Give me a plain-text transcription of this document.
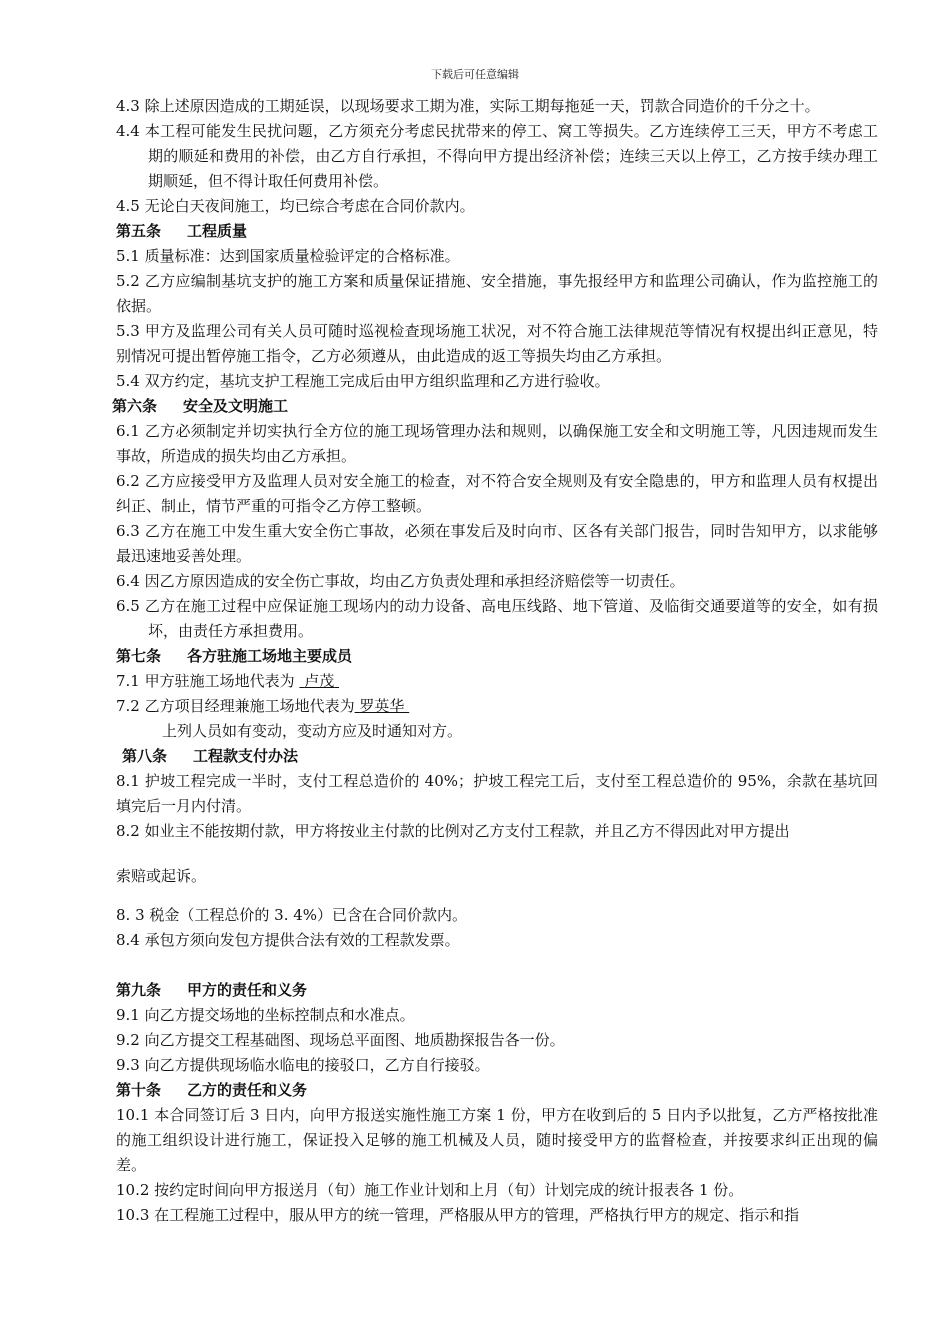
下载后可任意编辑

4.3 除上述原因造成的工期延误，以现场要求工期为准，实际工期每拖延一天，罚款合同造价的千分之十。

4.4 本工程可能发生民扰问题，乙方须充分考虑民扰带来的停工、窝工等损失。乙方连续停工三天，甲方不考虑工期的顺延和费用的补偿，由乙方自行承担，不得向甲方提出经济补偿；连续三天以上停工，乙方按手续办理工期顺延，但不得计取任何费用补偿。

4.5 无论白天夜间施工，均已综合考虑在合同价款内。

第五条 工程质量

5.1 质量标准：达到国家质量检验评定的合格标准。

5.2 乙方应编制基坑支护的施工方案和质量保证措施、安全措施，事先报经甲方和监理公司确认，作为监控施工的依据。

5.3 甲方及监理公司有关人员可随时巡视检查现场施工状况，对不符合施工法律规范等情况有权提出纠正意见，特别情况可提出暂停施工指令，乙方必须遵从，由此造成的返工等损失均由乙方承担。

5.4 双方约定，基坑支护工程施工完成后由甲方组织监理和乙方进行验收。

第六条 安全及文明施工

6.1 乙方必须制定并切实执行全方位的施工现场管理办法和规则，以确保施工安全和文明施工等，凡因违规而发生事故，所造成的损失均由乙方承担。

6.2 乙方应接受甲方及监理人员对安全施工的检查，对不符合安全规则及有安全隐患的，甲方和监理人员有权提出纠正、制止，情节严重的可指令乙方停工整顿。

6.3 乙方在施工中发生重大安全伤亡事故，必须在事发后及时向市、区各有关部门报告，同时告知甲方，以求能够最迅速地妥善处理。

6.4 因乙方原因造成的安全伤亡事故，均由乙方负责处理和承担经济赔偿等一切责任。

6.5 乙方在施工过程中应保证施工现场内的动力设备、高电压线路、地下管道、及临街交通要道等的安全，如有损坏，由责任方承担费用。

第七条 各方驻施工场地主要成员

7.1 甲方驻施工场地代表为 卢茂

7.2 乙方项目经理兼施工场地代表为 罗英华

上列人员如有变动，变动方应及时通知对方。

第八条 工程款支付办法

8.1 护坡工程完成一半时，支付工程总造价的 40%；护坡工程完工后，支付至工程总造价的 95%，余款在基坑回填完后一月内付清。

8.2 如业主不能按期付款，甲方将按业主付款的比例对乙方支付工程款，并且乙方不得因此对甲方提出

索赔或起诉。

8. 3 税金（工程总价的 3. 4%）已含在合同价款内。

8.4 承包方须向发包方提供合法有效的工程款发票。

第九条 甲方的责任和义务

9.1 向乙方提交场地的坐标控制点和水准点。

9.2 向乙方提交工程基础图、现场总平面图、地质勘探报告各一份。

9.3 向乙方提供现场临水临电的接驳口，乙方自行接驳。

第十条 乙方的责任和义务

10.1 本合同签订后 3 日内，向甲方报送实施性施工方案 1 份，甲方在收到后的 5 日内予以批复，乙方严格按批准的施工组织设计进行施工，保证投入足够的施工机械及人员，随时接受甲方的监督检查，并按要求纠正出现的偏差。

10.2 按约定时间向甲方报送月（旬）施工作业计划和上月（旬）计划完成的统计报表各 1 份。

10.3 在工程施工过程中，服从甲方的统一管理，严格服从甲方的管理，严格执行甲方的规定、指示和指
